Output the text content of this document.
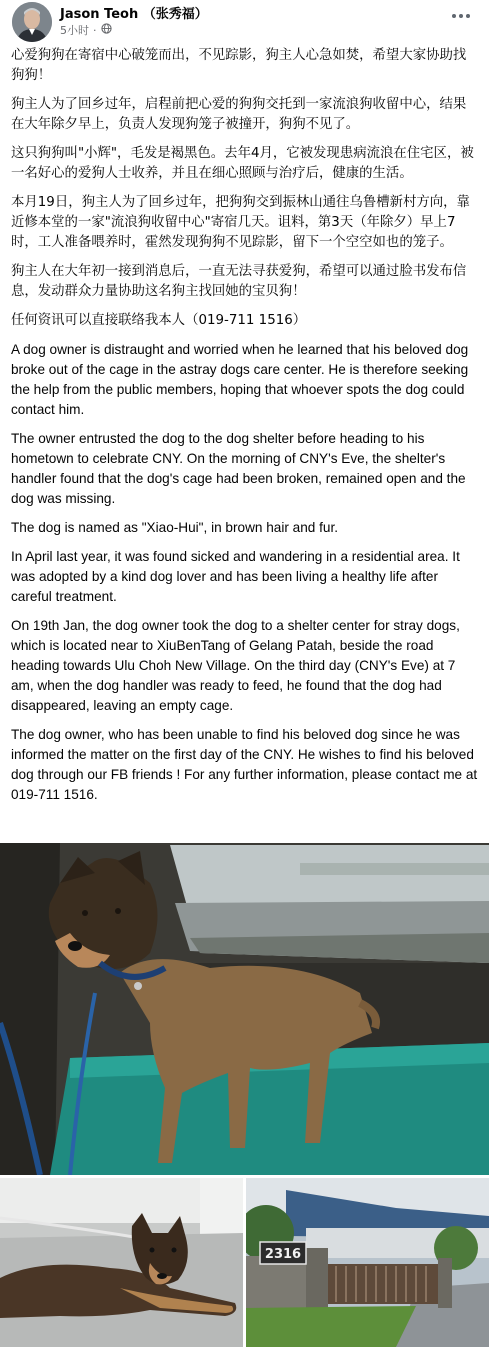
Jason Teoh （张秀福）
5小时 ·

心爱狗狗在寄宿中心破笼而出，不见踪影，狗主人心急如焚，希望大家协助找狗狗！

狗主人为了回乡过年，启程前把心爱的狗狗交托到一家流浪狗收留中心，结果在大年除夕早上，负责人发现狗笼子被撞开，狗狗不见了。

这只狗狗叫"小辉"，毛发是褐黑色。去年4月，它被发现患病流浪在住宅区，被一名好心的爱狗人士收养，并且在细心照顾与治疗后，健康的生活。

本月19日，狗主人为了回乡过年，把狗狗交到振林山通往乌鲁槽新村方向，靠近修本堂的一家"流浪狗收留中心"寄宿几天。诅料，第3天（年除夕）早上7时，工人准备喂养时，霍然发现狗狗不见踪影，留下一个空空如也的笼子。

狗主人在大年初一接到消息后，一直无法寻获爱狗，希望可以通过脸书发布信息，发动群众力量协助这名狗主找回她的宝贝狗！

任何资讯可以直接联络我本人（019-711 1516）

A dog owner is distraught and worried when he learned that his beloved dog broke out of the cage in the astray dogs care center. He is therefore seeking the help from the public members, hoping that whoever spots the dog could contact him.

The owner entrusted the dog to the dog shelter before heading to his hometown to celebrate CNY. On the morning of CNY's Eve, the shelter's handler found that the dog's cage had been broken, remained open and the dog was missing.

The dog is named as "Xiao-Hui", in brown hair and fur.

In April last year, it was found sicked and wandering in a residential area. It was adopted by a kind dog lover and has been living a healthy life after careful treatment.

On 19th Jan, the dog owner took the dog to a shelter center for stray dogs, which is located near to XiuBenTang of Gelang Patah, beside the road heading towards Ulu Choh New Village. On the third day (CNY's Eve) at 7 am, when the dog handler was ready to feed, he found that the dog had disappeared, leaving an empty cage.

The dog owner, who has been unable to find his beloved dog since he was informed the matter on the first day of the CNY. He wishes to find his beloved dog through our FB friends ! For any further information, please contact me at 019-711 1516.

2316
